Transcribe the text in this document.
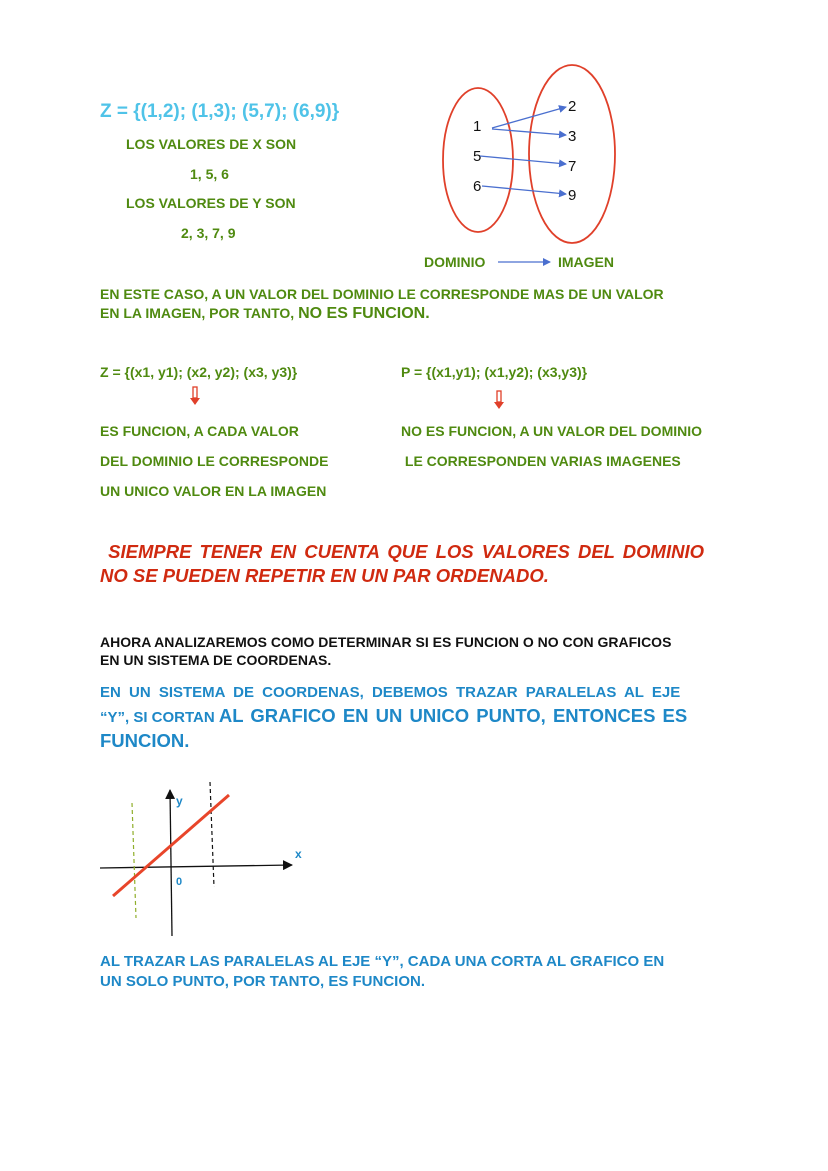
Z = {(1,2); (1,3); (5,7); (6,9)}
LOS VALORES DE X SON
1, 5, 6
LOS VALORES DE Y SON
2, 3, 7, 9
1
5
6
2
3
7
9
DOMINIO	IMAGEN
EN ESTE CASO, A UN VALOR DEL DOMINIO LE CORRESPONDE MAS DE UN VALOR
EN LA IMAGEN, POR TANTO, NO ES FUNCION.
Z = {(x1, y1); (x2, y2); (x3, y3)}
ES FUNCION, A CADA VALOR
DEL DOMINIO LE CORRESPONDE
UN UNICO VALOR EN LA IMAGEN
P = {(x1,y1); (x1,y2); (x3,y3)}
NO ES FUNCION, A UN VALOR DEL DOMINIO
LE CORRESPONDEN VARIAS IMAGENES
SIEMPRE TENER EN CUENTA QUE LOS VALORES DEL DOMINIO
NO SE PUEDEN REPETIR EN UN PAR ORDENADO.
AHORA ANALIZAREMOS COMO DETERMINAR SI ES FUNCION O NO CON GRAFICOS
EN UN SISTEMA DE COORDENAS.
EN UN SISTEMA DE COORDENAS, DEBEMOS TRAZAR PARALELAS AL EJE
“Y”, SI CORTAN AL GRAFICO EN UN UNICO PUNTO, ENTONCES ES
FUNCION.
y
x
0
AL TRAZAR LAS PARALELAS AL EJE “Y”, CADA UNA CORTA AL GRAFICO EN
UN SOLO PUNTO, POR TANTO, ES FUNCION.
